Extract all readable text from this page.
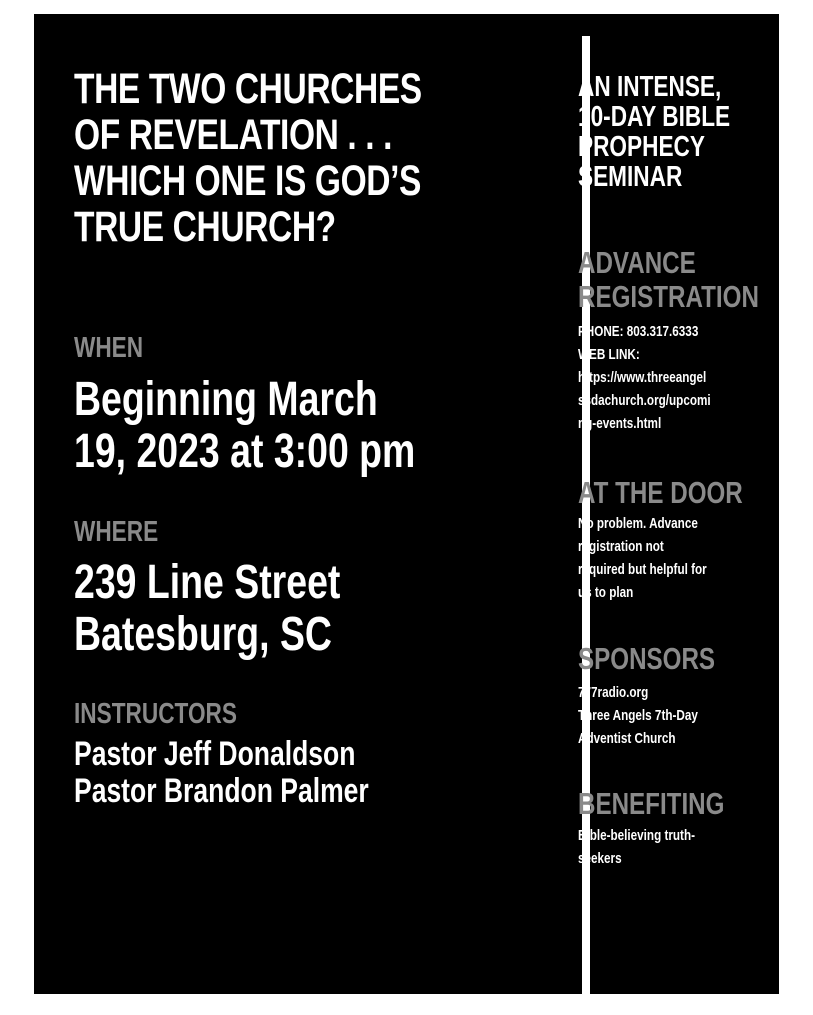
THE TWO CHURCHES
OF REVELATION . . .
WHICH ONE IS GOD’S
TRUE CHURCH?
WHEN
Beginning March
19, 2023 at 3:00 pm
WHERE
239 Line Street
Batesburg, SC
INSTRUCTORS
Pastor Jeff Donaldson
Pastor Brandon Palmer
AN INTENSE,
10-DAY BIBLE
PROPHECY
SEMINAR
ADVANCE
REGISTRATION
PHONE: 803.317.6333
WEB LINK:
https://www.threeangel
ssdachurch.org/upcomi
ng-events.html
AT THE DOOR
No problem. Advance
registration not
required but helpful for
us to plan
SPONSORS
777radio.org
Three Angels 7th-Day
Adventist Church
BENEFITING
Bible-believing truth-
seekers
